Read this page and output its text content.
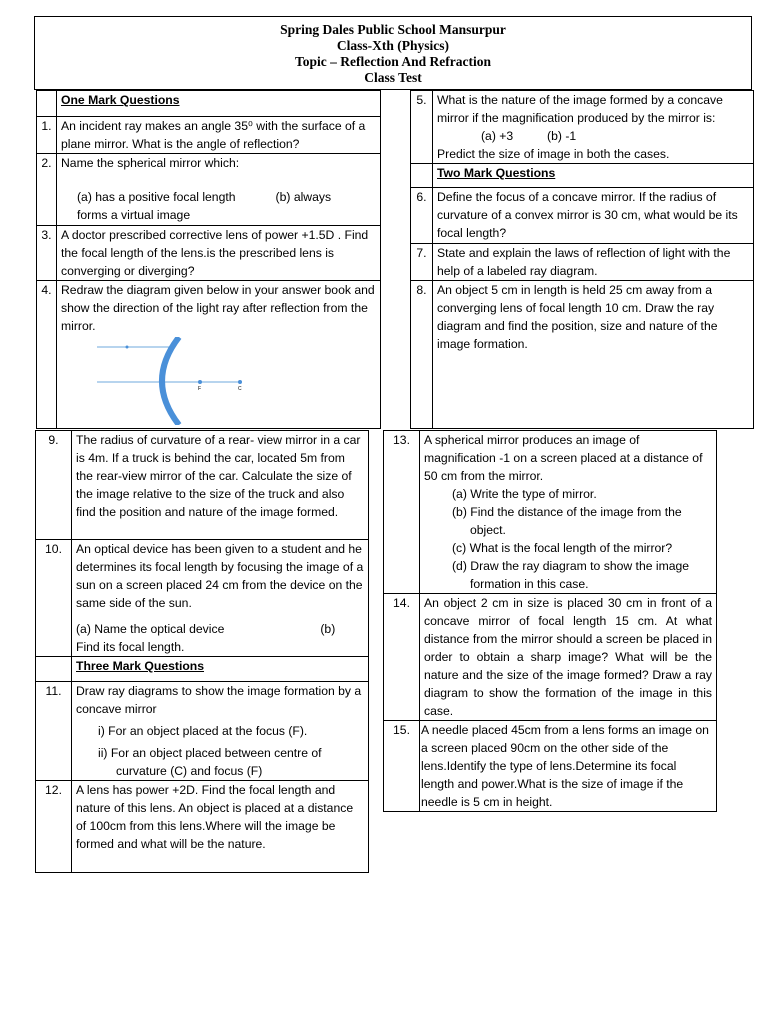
Spring Dales Public School Mansurpur
Class-Xth (Physics)
Topic – Reflection And Refraction
Class Test
	One Mark Questions
1.	An incident ray makes an angle 35⁰ with the surface of a plane mirror. What is the angle of reflection?
2.	Name the spherical mirror which:
(a) has a positive focal length (b) always
forms a virtual image

3.	A doctor prescribed corrective lens of power +1.5D . Find the focal length of the lens.is the prescribed lens is converging or diverging?
4.	Redraw the diagram given below in your answer book and show the direction of the light ray after reflection from the mirror.
F C
5.	What is the nature of the image formed by a concave mirror if the magnification produced by the mirror is:
(a) +3          (b) -1
Predict the size of image in both the cases.

	Two Mark Questions
6.	Define the focus of a concave mirror. If the radius of curvature of a convex mirror is 30 cm, what would be its focal length?
7.	State and explain the laws of reflection of light with the help of a labeled ray diagram.
8.	An object 5 cm in length is held 25 cm away from a converging lens of focal length 10 cm. Draw the ray diagram and find the position, size and nature of the image formation.
9.	The radius of curvature of a rear- view mirror in a car is 4m. If a truck is behind the car, located 5m from the rear-view mirror of the car. Calculate the size of the image relative to the size of the truck and also find the position and nature of the image formed.
10.	An optical device has been given to a student and he determines its focal length by focusing the image of a sun on a screen placed 24 cm from the device on the same side of the sun.
(a) Name the optical device (b)
Find its focal length.

	Three Mark Questions
11.	Draw ray diagrams to show the image formation by a concave mirror
i) For an object placed at the focus (F).
ii) For an object placed between centre of curvature (C) and focus (F)

12.	A lens has power +2D. Find the focal length and nature of this lens. An object is placed at a distance of 100cm from this lens.Where will the image be formed and what will be the nature.
13.	A spherical mirror produces an image of magnification -1 on a screen placed at a distance of 50 cm from the mirror.
(a) Write the type of mirror.
(b) Find the distance of the image from the object.
(c) What is the focal length of the mirror?
(d) Draw the ray diagram to show the image formation in this case.

14.	An object 2 cm in size is placed 30 cm in front of a concave mirror of focal length 15 cm. At what distance from the mirror should a screen be placed in order to obtain a sharp image? What will be the nature and the size of the image formed? Draw a ray diagram to show the formation of the image in this case.
15.	A needle placed 45cm from a lens forms an image on a screen placed 90cm on the other side of the lens.Identify the type of lens.Determine its focal length and power.What is the size of image if the needle is 5 cm in height.
